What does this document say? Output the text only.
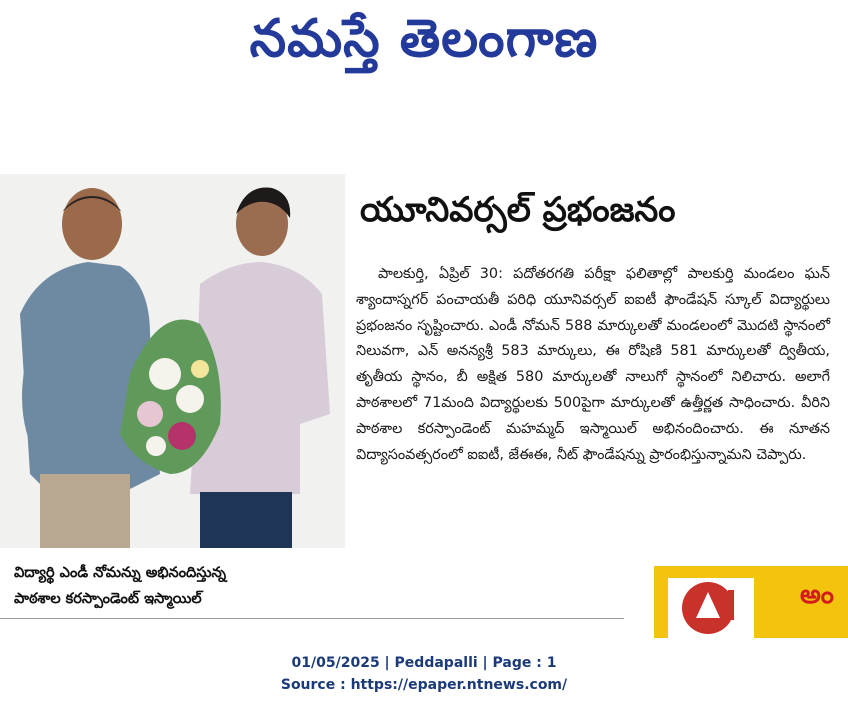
నమస్తే తెలంగాణ
యూనివర్సల్ ప్రభంజనం
పాలకుర్తి, ఏప్రిల్ 30: పదోతరగతి పరీక్షా ఫలితాల్లో పాలకుర్తి మండలం ఘన్ శ్యాందాస్నగర్ పంచాయతీ పరిధి యూనివర్సల్ ఐఐటీ ఫౌండేషన్ స్కూల్ విద్యార్థులు ప్రభంజనం సృష్టించారు. ఎండీ నోమన్ 588 మార్కులతో మండలంలో మొదటి స్థానంలో నిలువగా, ఎన్ అనన్యశ్రీ 583 మార్కులు, ఈ రోషిణి 581 మార్కులతో ద్వితీయ, తృతీయ స్థానం, బీ అక్షిత 580 మార్కులతో నాలుగో స్థానంలో నిలిచారు. అలాగే పాఠశాలలో 71మంది విద్యార్థులకు 500పైగా మార్కులతో ఉత్తీర్ణత సాధించారు. వీరిని పాఠశాల కరస్పాండెంట్ మహమ్మద్ ఇస్మాయిల్ అభినందించారు. ఈ నూతన విద్యాసంవత్సరంలో ఐఐటీ, జేఈఈ, నీట్ ఫౌండేషన్ను ప్రారంభిస్తున్నామని చెప్పారు.
విద్యార్థి ఎండీ నోమన్ను అభినందిస్తున్న
పాఠశాల కరస్పాండెంట్ ఇస్మాయిల్	అం
01/05/2025 | Peddapalli | Page : 1
Source : https://epaper.ntnews.com/
